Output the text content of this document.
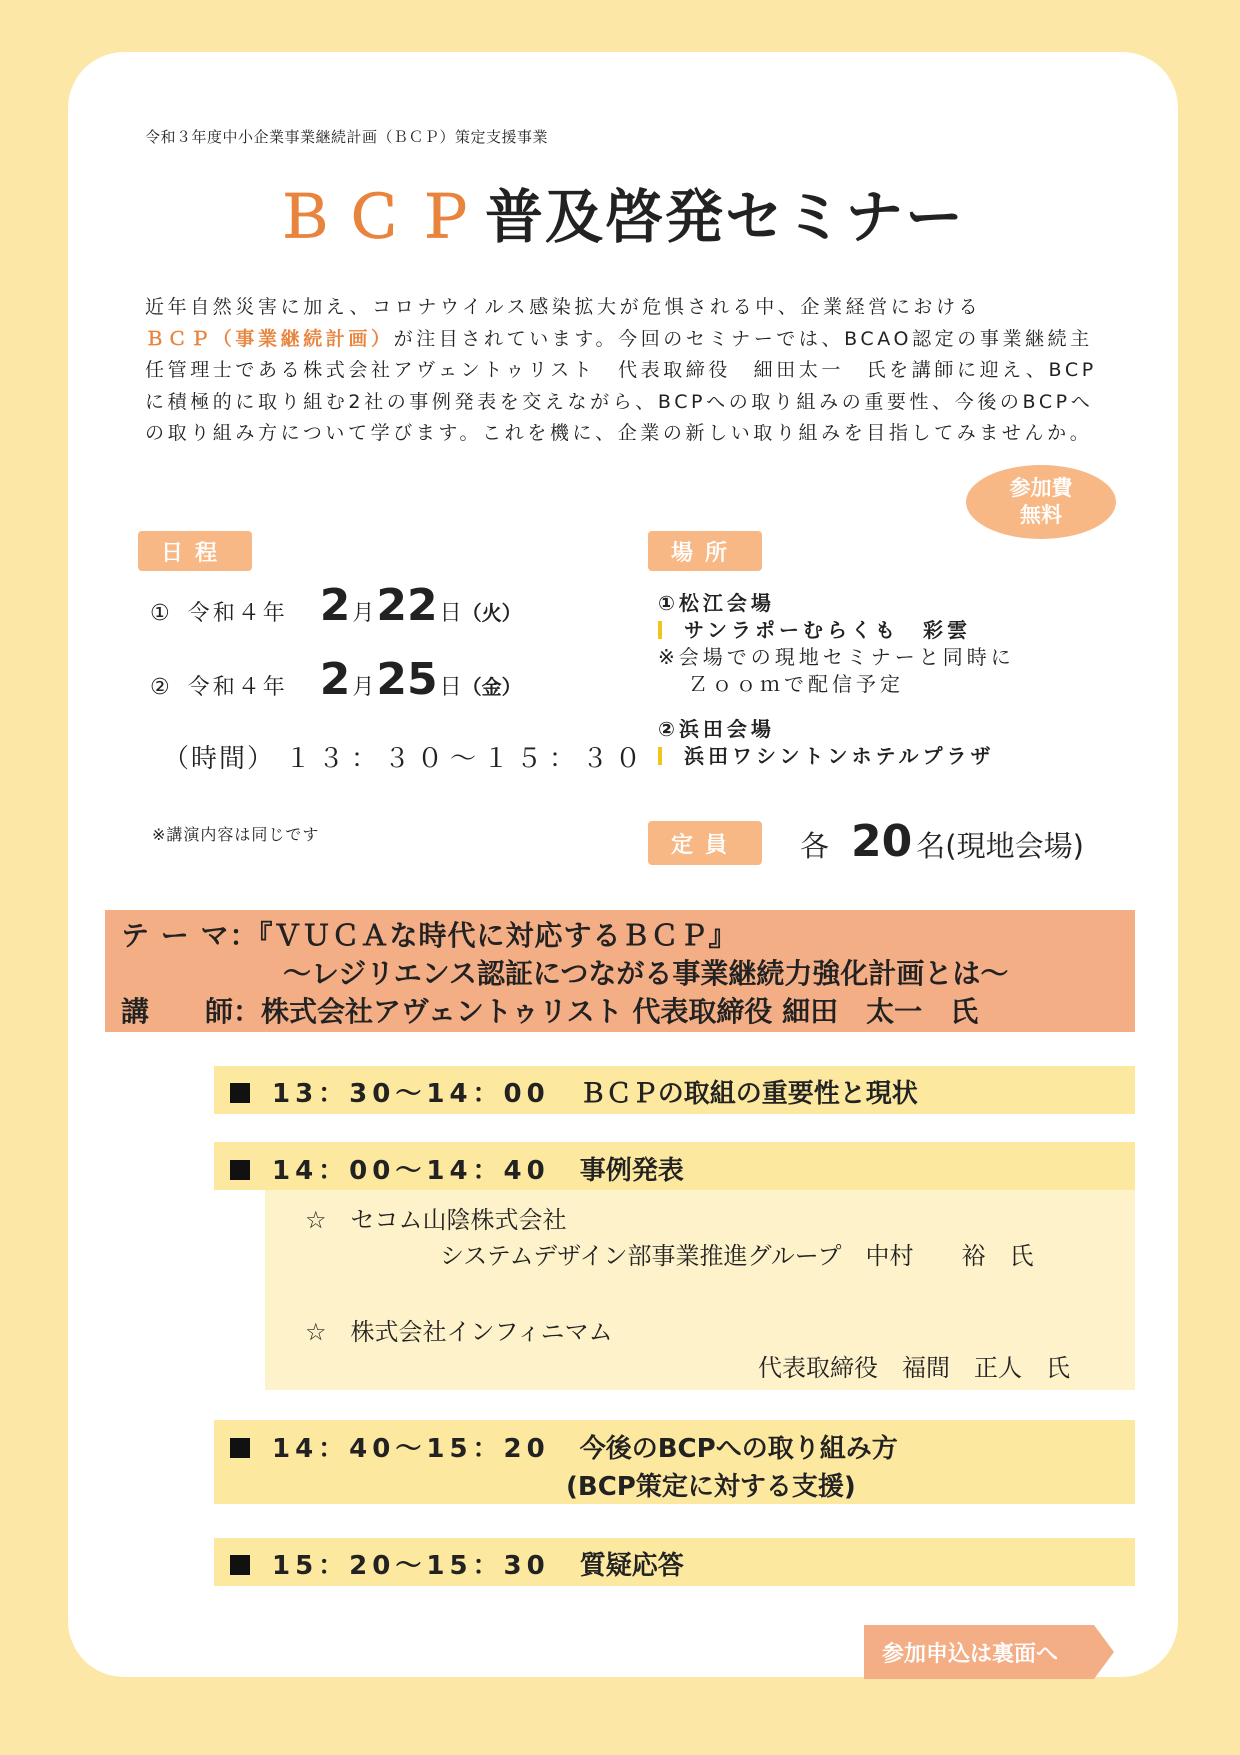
令和３年度中小企業事業継続計画（ＢＣＰ）策定支援事業
ＢＣＰ普及啓発セミナー
近年自然災害に加え、コロナウイルス感染拡大が危惧される中、企業経営における
ＢＣＰ（事業継続計画）が注目されています。今回のセミナーでは、BCAO認定の事業継続主任管理士である株式会社アヴェントゥリスト　代表取締役　細田太一　氏を講師に迎え、BCPに積極的に取り組む2社の事例発表を交えながら、BCPへの取り組みの重要性、今後のBCPへの取り組み方について学びます。これを機に、企業の新しい取り組みを目指してみませんか。
参加費
無料
日程
① 令和４年 2 月 22 日 （火）
② 令和４年 2 月 25 日 （金）
（時間） １３：３０～１５：３０
※講演内容は同じです
場所
①松江会場
サンラポーむらくも　彩雲
※会場での現地セミナーと同時に
Ｚｏｏｍで配信予定
②浜田会場
浜田ワシントンホテルプラザ
定員	各 20 名(現地会場)
テ ー マ：『ＶＵＣＡな時代に対応するＢＣＰ』
～レジリエンス認証につながる事業継続力強化計画とは～
講　　師：株式会社アヴェントゥリスト 代表取締役 細田　太一　氏
13：30～14：00 ＢＣＰの取組の重要性と現状
14：00～14：40 事例発表
☆　セコム山陰株式会社
システムデザイン部事業推進グループ　中村　　裕　氏
☆　株式会社インフィニマム
代表取締役　福間　正人　氏
14：40～15：20 今後のBCPへの取り組み方
(BCP策定に対する支援)
15：20～15：30 質疑応答
参加申込は裏面へ
